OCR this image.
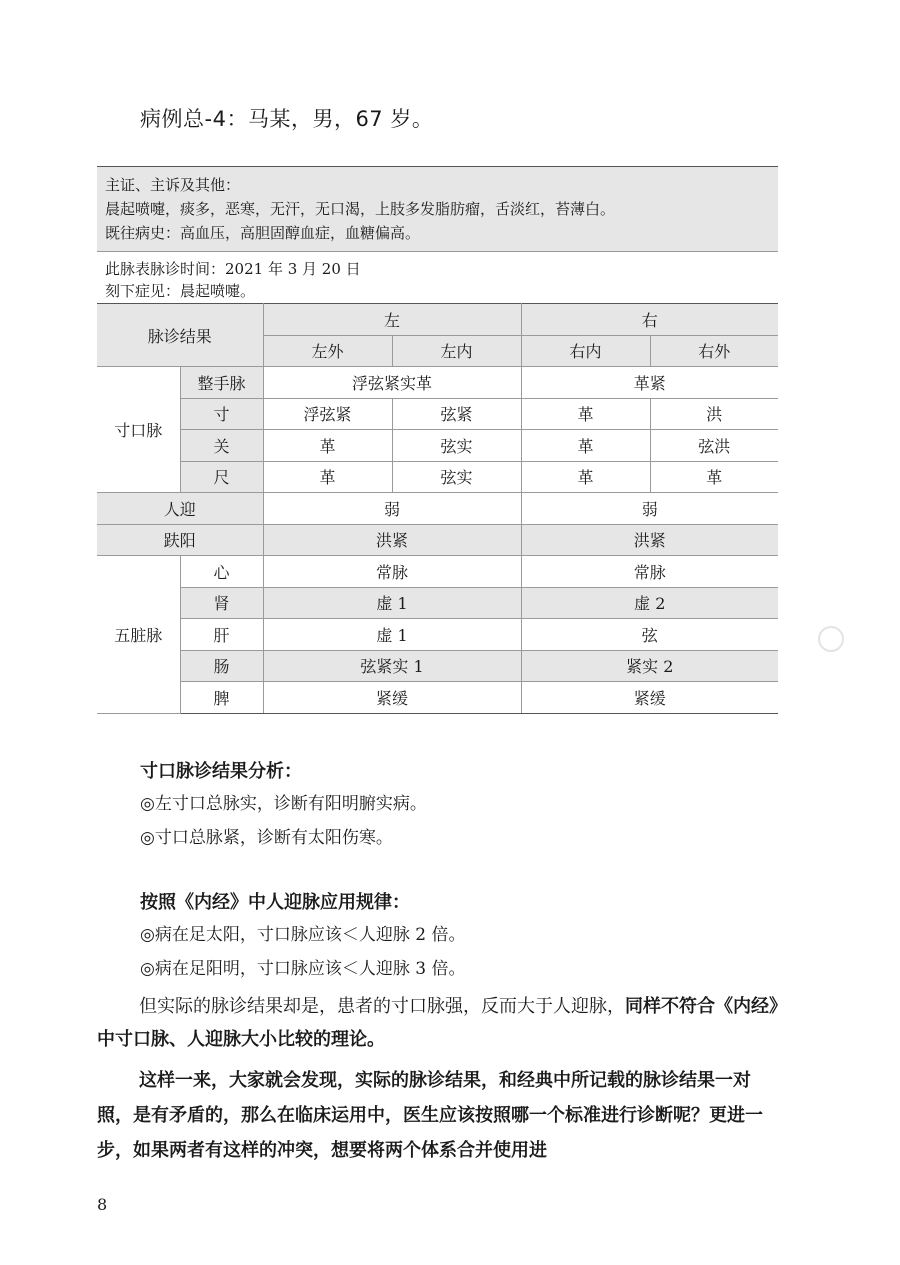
病例总-4：马某，男，67 岁。
主证、主诉及其他：
晨起喷嚏，痰多，恶寒，无汗，无口渴，上肢多发脂肪瘤，舌淡红，苔薄白。
既往病史：高血压，高胆固醇血症，血糖偏高。
此脉表脉诊时间：2021 年 3 月 20 日
刻下症见：晨起喷嚏。
脉诊结果		左		右	
		左外	左内	右内	右外
寸口脉	整手脉	浮弦紧实革		革紧	
	寸	浮弦紧	弦紧	革	洪
	关	革	弦实	革	弦洪
	尺	革	弦实	革	革
人迎		弱		弱	
趺阳		洪紧		洪紧	
五脏脉	心	常脉		常脉	
	肾	虚 1		虚 2	
	肝	虚 1		弦	
	肠	弦紧实 1		紧实 2	
	脾	紧缓		紧缓	
寸口脉诊结果分析：

◎左寸口总脉实，诊断有阳明腑实病。

◎寸口总脉紧，诊断有太阳伤寒。

按照《内经》中人迎脉应用规律：

◎病在足太阳，寸口脉应该＜人迎脉 2 倍。

◎病在足阳明，寸口脉应该＜人迎脉 3 倍。

但实际的脉诊结果却是，患者的寸口脉强，反而大于人迎脉，同样不符合《内经》中寸口脉、人迎脉大小比较的理论。

这样一来，大家就会发现，实际的脉诊结果，和经典中所记载的脉诊结果一对照，是有矛盾的，那么在临床运用中，医生应该按照哪一个标准进行诊断呢？更进一步，如果两者有这样的冲突，想要将两个体系合并使用进

8
